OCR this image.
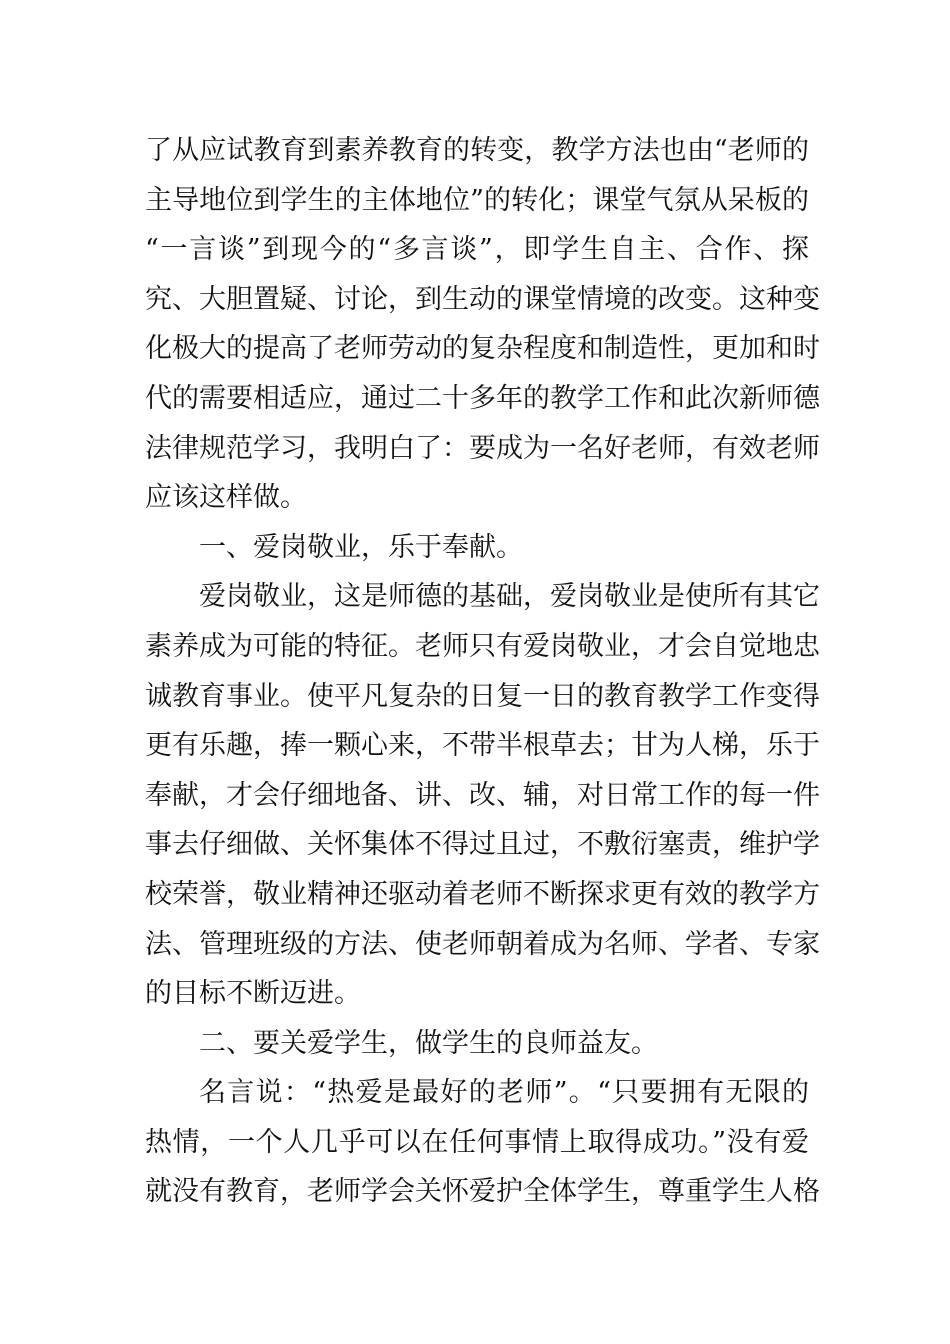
了从应试教育到素养教育的转变，教学方法也由“老师的
主导地位到学生的主体地位”的转化；课堂气氛从呆板的
“一言谈”到现今的“多言谈”，即学生自主、合作、探
究、大胆置疑、讨论，到生动的课堂情境的改变。这种变
化极大的提高了老师劳动的复杂程度和制造性，更加和时
代的需要相适应，通过二十多年的教学工作和此次新师德
法律规范学习，我明白了：要成为一名好老师，有效老师
应该这样做。
一、爱岗敬业，乐于奉献。
爱岗敬业，这是师德的基础，爱岗敬业是使所有其它
素养成为可能的特征。老师只有爱岗敬业，才会自觉地忠
诚教育事业。使平凡复杂的日复一日的教育教学工作变得
更有乐趣，捧一颗心来，不带半根草去；甘为人梯，乐于
奉献，才会仔细地备、讲、改、辅，对日常工作的每一件
事去仔细做、关怀集体不得过且过，不敷衍塞责，维护学
校荣誉，敬业精神还驱动着老师不断探求更有效的教学方
法、管理班级的方法、使老师朝着成为名师、学者、专家
的目标不断迈进。
二、要关爱学生，做学生的良师益友。
名言说：“热爱是最好的老师”。“只要拥有无限的
热情，一个人几乎可以在任何事情上取得成功。”没有爱
就没有教育，老师学会关怀爱护全体学生，尊重学生人格
